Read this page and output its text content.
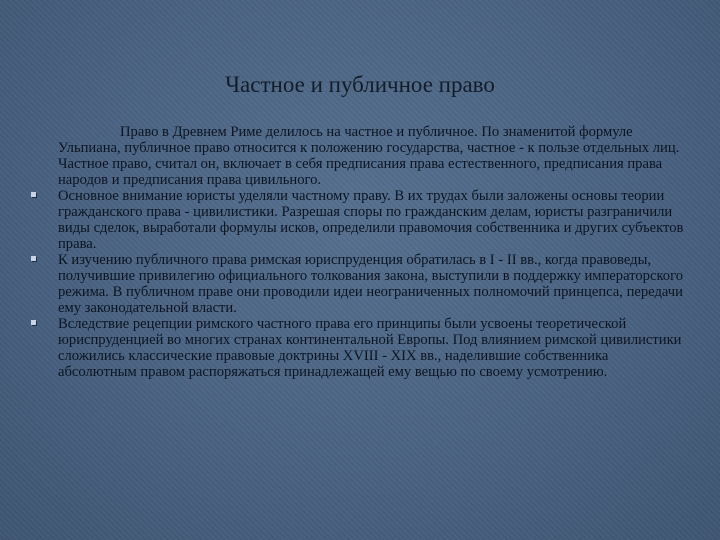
Частное и публичное право

Право в Древнем Риме делилось на частное и публичное. По знаменитой формуле Ульпиана, публичное право относится к положению государства, частное - к пользе отдельных лиц. Частное право, считал он, включает в себя предписания права естественного, предписания права народов и предписания права цивильного.

Основное внимание юристы уделяли частному праву. В их трудах были заложены основы теории гражданского права - цивилистики. Разрешая споры по гражданским делам, юристы разграничили виды сделок, выработали формулы исков, определили правомочия собственника и других субъектов права.
К изучению публичного права римская юриспруденция обратилась в I - II вв., когда правоведы, получившие привилегию официального толкования закона, выступили в поддержку императорского режима. В публичном праве они проводили идеи неограниченных полномочий принцепса, передачи ему законодательной власти.
Вследствие рецепции римского частного права его принципы были усвоены теоретической юриспруденцией во многих странах континентальной Европы. Под влиянием римской цивилистики сложились классические правовые доктрины XVIII - XIX вв., наделившие собственника абсолютным правом распоряжаться принадлежащей ему вещью по своему усмотрению.
